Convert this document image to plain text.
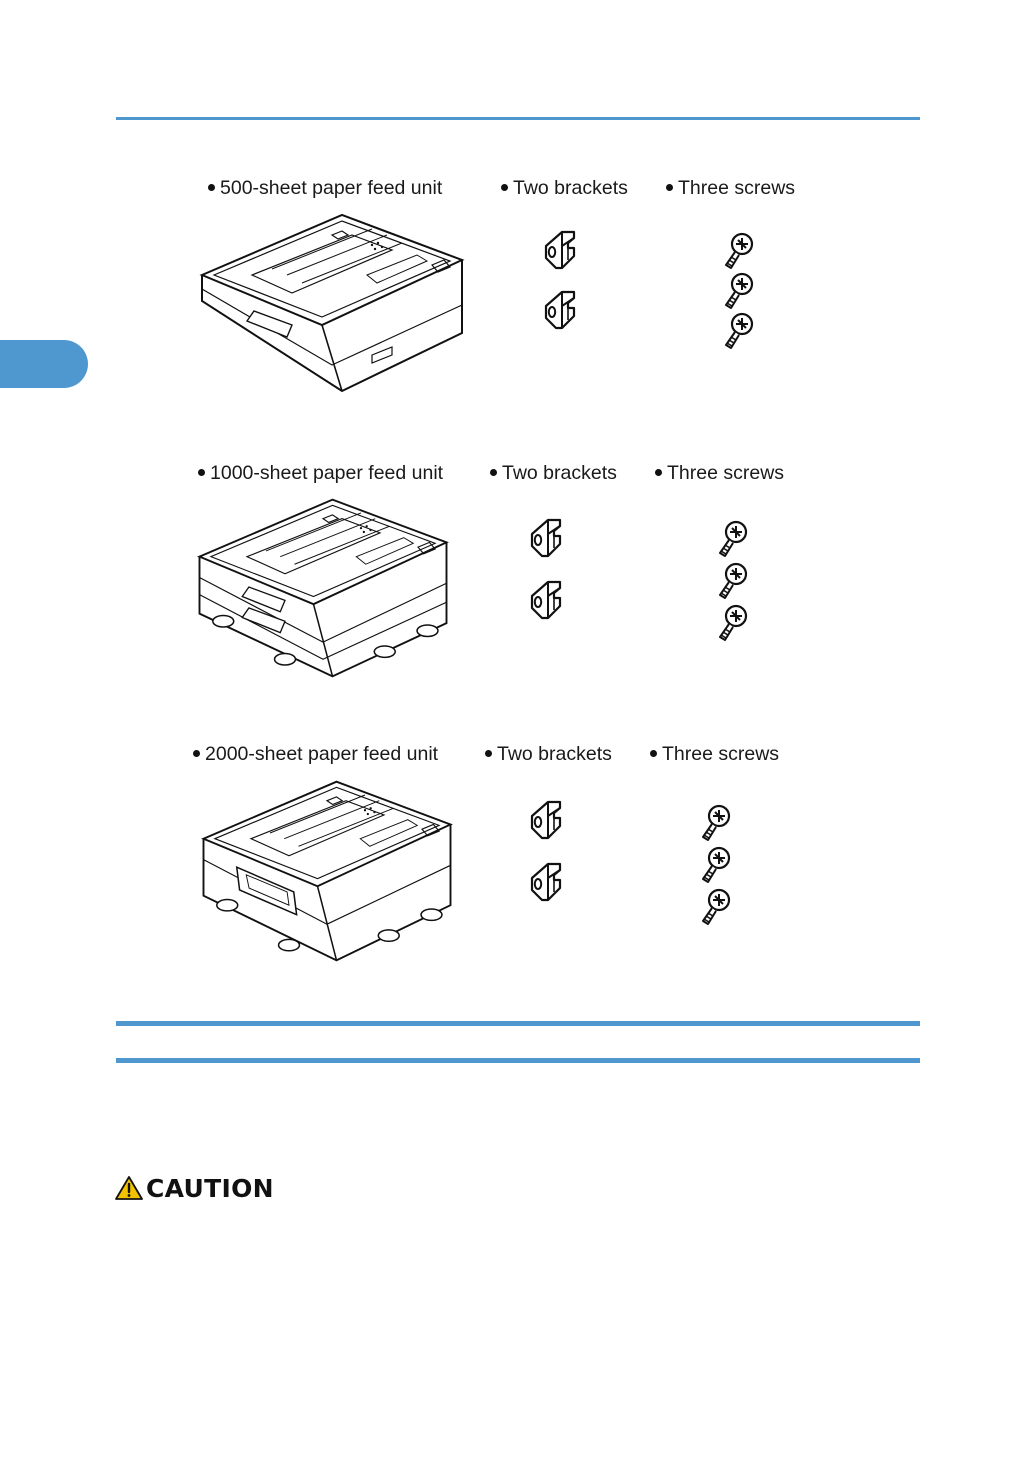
500-sheet paper feed unit	Two brackets	Three screws
1000-sheet paper feed unit	Two brackets	Three screws
2000-sheet paper feed unit	Two brackets	Three screws
CAUTION
